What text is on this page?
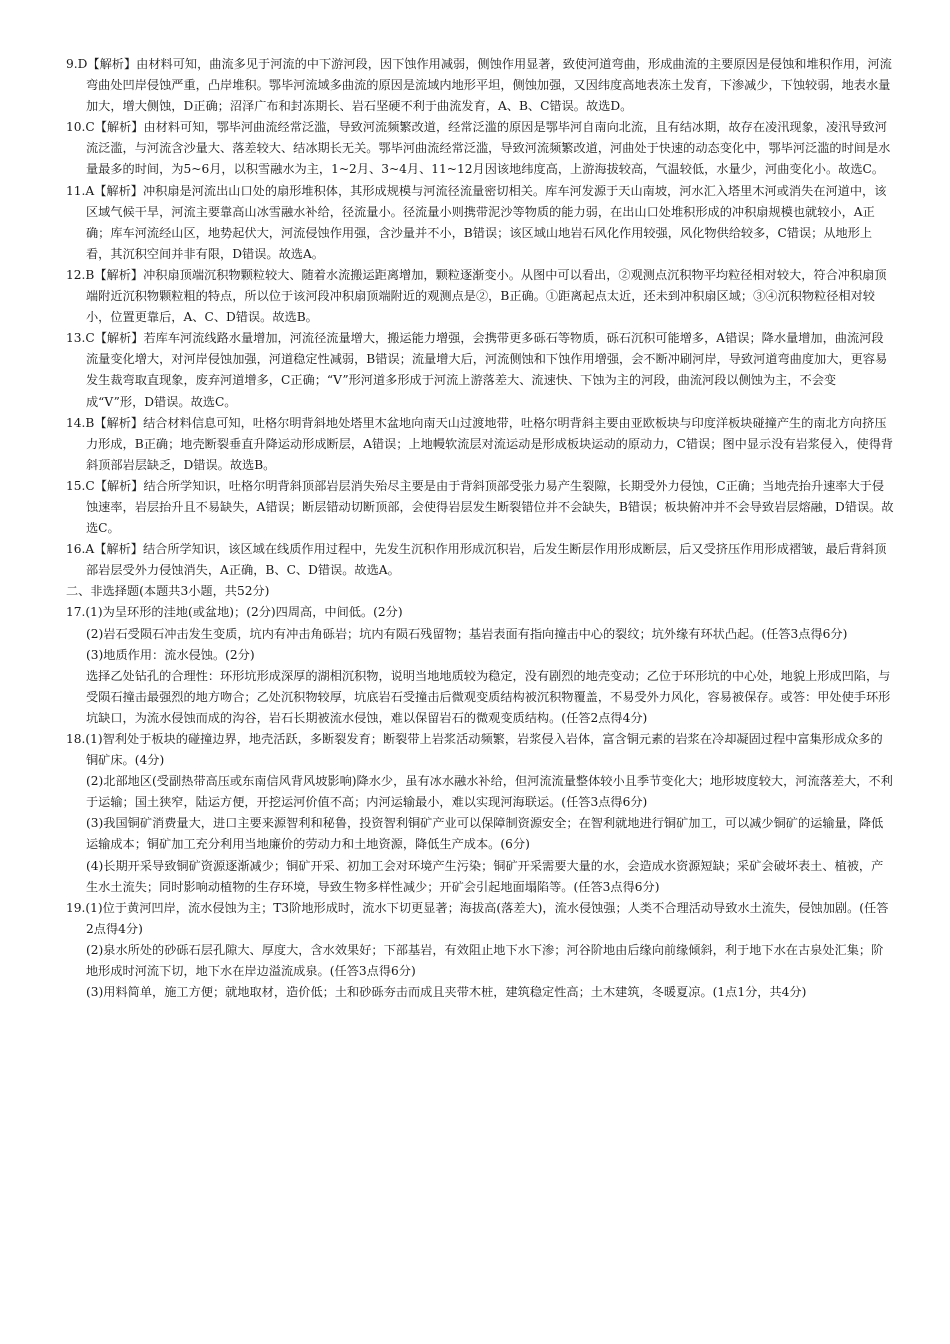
9.D【解析】由材料可知，曲流多见于河流的中下游河段，因下蚀作用减弱，侧蚀作用显著，致使河道弯曲，形成曲流的主要原因是侵蚀和堆积作用，河流弯曲处凹岸侵蚀严重，凸岸堆积。鄂毕河流域多曲流的原因是流域内地形平坦，侧蚀加强，又因纬度高地表冻土发育，下渗减少，下蚀较弱，地表水量加大，增大侧蚀，D正确；沼泽广布和封冻期长、岩石坚硬不利于曲流发育，A、B、C错误。故选D。
10.C【解析】由材料可知，鄂毕河曲流经常泛滥，导致河流频繁改道，经常泛滥的原因是鄂毕河自南向北流，且有结冰期，故存在凌汛现象，凌汛导致河流泛滥，与河流含沙量大、落差较大、结冰期长无关。鄂毕河曲流经常泛滥，导致河流频繁改道，河曲处于快速的动态变化中，鄂毕河泛滥的时间是水量最多的时间，为5~6月，以积雪融水为主，1~2月、3~4月、11~12月因该地纬度高，上游海拔较高，气温较低，水量少，河曲变化小。故选C。
11.A【解析】冲积扇是河流出山口处的扇形堆积体，其形成规模与河流径流量密切相关。库车河发源于天山南坡，河水汇入塔里木河或消失在河道中，该区域气候干旱，河流主要靠高山冰雪融水补给，径流量小。径流量小则携带泥沙等物质的能力弱，在出山口处堆积形成的冲积扇规模也就较小，A正确；库车河流经山区，地势起伏大，河流侵蚀作用强，含沙量并不小，B错误；该区域山地岩石风化作用较强，风化物供给较多，C错误；从地形上看，其沉积空间并非有限，D错误。故选A。
12.B【解析】冲积扇顶端沉积物颗粒较大、随着水流搬运距离增加，颗粒逐渐变小。从图中可以看出，②观测点沉积物平均粒径相对较大，符合冲积扇顶端附近沉积物颗粒粗的特点，所以位于该河段冲积扇顶端附近的观测点是②，B正确。①距离起点太近，还未到冲积扇区域；③④沉积物粒径相对较小，位置更靠后，A、C、D错误。故选B。
13.C【解析】若库车河流线路水量增加，河流径流量增大，搬运能力增强，会携带更多砾石等物质，砾石沉积可能增多，A错误；降水量增加，曲流河段流量变化增大，对河岸侵蚀加强，河道稳定性减弱，B错误；流量增大后，河流侧蚀和下蚀作用增强，会不断冲刷河岸，导致河道弯曲度加大，更容易发生裁弯取直现象，废弃河道增多，C正确；“V”形河道多形成于河流上游落差大、流速快、下蚀为主的河段，曲流河段以侧蚀为主，不会变成“V”形，D错误。故选C。
14.B【解析】结合材料信息可知，吐格尔明背斜地处塔里木盆地向南天山过渡地带，吐格尔明背斜主要由亚欧板块与印度洋板块碰撞产生的南北方向挤压力形成，B正确；地壳断裂垂直升降运动形成断层，A错误；上地幔软流层对流运动是形成板块运动的原动力，C错误；图中显示没有岩浆侵入，使得背斜顶部岩层缺乏，D错误。故选B。
15.C【解析】结合所学知识，吐格尔明背斜顶部岩层消失殆尽主要是由于背斜顶部受张力易产生裂隙，长期受外力侵蚀，C正确；当地壳抬升速率大于侵蚀速率，岩层抬升且不易缺失，A错误；断层错动切断顶部，会使得岩层发生断裂错位并不会缺失，B错误；板块俯冲并不会导致岩层熔融，D错误。故选C。
16.A【解析】结合所学知识，该区域在线质作用过程中，先发生沉积作用形成沉积岩，后发生断层作用形成断层，后又受挤压作用形成褶皱，最后背斜顶部岩层受外力侵蚀消失，A正确，B、C、D错误。故选A。

二、非选择题(本题共3小题，共52分)

17.(1)为呈环形的洼地(或盆地)；(2分)四周高，中间低。(2分)

(2)岩石受陨石冲击发生变质，坑内有冲击角砾岩；坑内有陨石残留物；基岩表面有指向撞击中心的裂纹；坑外缘有环状凸起。(任答3点得6分)

(3)地质作用：流水侵蚀。(2分)

选择乙处钻孔的合理性：环形坑形成深厚的湖相沉积物，说明当地地质较为稳定，没有剧烈的地壳变动；乙位于环形坑的中心处，地貌上形成凹陷，与受陨石撞击最强烈的地方吻合；乙处沉积物较厚，坑底岩石受撞击后微观变质结构被沉积物覆盖，不易受外力风化，容易被保存。或答：甲处使手环形坑缺口，为流水侵蚀而成的沟谷，岩石长期被流水侵蚀，难以保留岩石的微观变质结构。(任答2点得4分)

18.(1)智利处于板块的碰撞边界，地壳活跃，多断裂发育；断裂带上岩浆活动频繁，岩浆侵入岩体，富含铜元素的岩浆在冷却凝固过程中富集形成众多的铜矿床。(4分)

(2)北部地区(受副热带高压或东南信风背风坡影响)降水少，虽有冰水融水补给，但河流流量整体较小且季节变化大；地形坡度较大，河流落差大，不利于运输；国土狭窄，陆运方便，开挖运河价值不高；内河运输最小，难以实现河海联运。(任答3点得6分)

(3)我国铜矿消费量大，进口主要来源智利和秘鲁，投资智利铜矿产业可以保障制资源安全；在智利就地进行铜矿加工，可以减少铜矿的运输量，降低运输成本；铜矿加工充分利用当地廉价的劳动力和土地资源，降低生产成本。(6分)

(4)长期开采导致铜矿资源逐渐减少；铜矿开采、初加工会对环境产生污染；铜矿开采需要大量的水，会造成水资源短缺；采矿会破坏表土、植被，产生水土流失；同时影响动植物的生存环境，导致生物多样性减少；开矿会引起地面塌陷等。(任答3点得6分)

19.(1)位于黄河凹岸，流水侵蚀为主；T3阶地形成时，流水下切更显著；海拔高(落差大)，流水侵蚀强；人类不合理活动导致水土流失，侵蚀加剧。(任答2点得4分)

(2)泉水所处的砂砾石层孔隙大、厚度大，含水效果好；下部基岩，有效阻止地下水下渗；河谷阶地由后缘向前缘倾斜，利于地下水在古泉处汇集；阶地形成时河流下切，地下水在岸边溢流成泉。(任答3点得6分)

(3)用料简单，施工方便；就地取材，造价低；土和砂砾夯击而成且夹带木桩，建筑稳定性高；土木建筑，冬暖夏凉。(1点1分，共4分)
